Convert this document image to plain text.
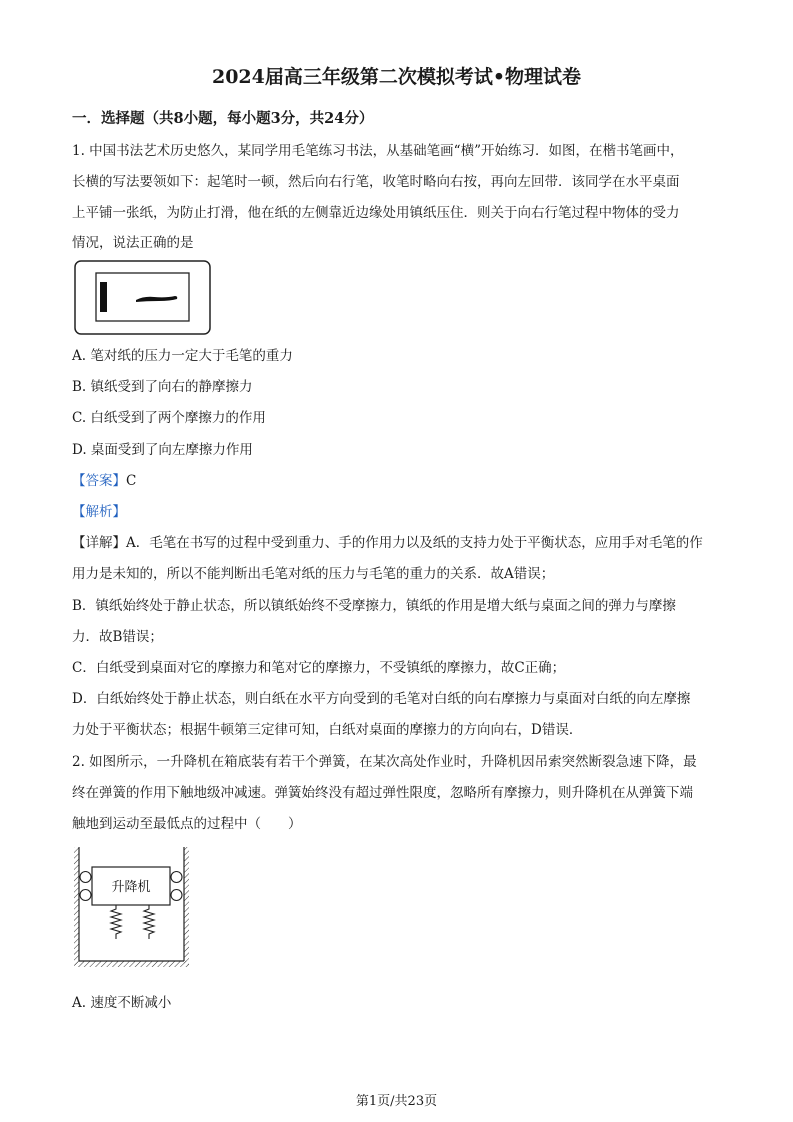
2024届高三年级第二次模拟考试•物理试卷
一．选择题（共8小题，每小题3分，共24分）
1. 中国书法艺术历史悠久，某同学用毛笔练习书法，从基础笔画“横”开始练习．如图，在楷书笔画中，
长横的写法要领如下：起笔时一顿，然后向右行笔，收笔时略向右按，再向左回带．该同学在水平桌面
上平铺一张纸，为防止打滑，他在纸的左侧靠近边缘处用镇纸压住．则关于向右行笔过程中物体的受力
情况，说法正确的是
A. 笔对纸的压力一定大于毛笔的重力
B. 镇纸受到了向右的静摩擦力
C. 白纸受到了两个摩擦力的作用
D. 桌面受到了向左摩擦力作用
【答案】C
【解析】
【详解】A．毛笔在书写的过程中受到重力、手的作用力以及纸的支持力处于平衡状态，应用手对毛笔的作
用力是未知的，所以不能判断出毛笔对纸的压力与毛笔的重力的关系．故A错误；
B．镇纸始终处于静止状态，所以镇纸始终不受摩擦力，镇纸的作用是增大纸与桌面之间的弹力与摩擦
力．故B错误；
C．白纸受到桌面对它的摩擦力和笔对它的摩擦力，不受镇纸的摩擦力，故C正确；
D．白纸始终处于静止状态，则白纸在水平方向受到的毛笔对白纸的向右摩擦力与桌面对白纸的向左摩擦
力处于平衡状态；根据牛顿第三定律可知，白纸对桌面的摩擦力的方向向右，D错误．
2. 如图所示，一升降机在箱底装有若干个弹簧，在某次高处作业时，升降机因吊索突然断裂急速下降，最
终在弹簧的作用下触地级冲减速。弹簧始终没有超过弹性限度，忽略所有摩擦力，则升降机在从弹簧下端
触地到运动至最低点的过程中（　　）
升降机
A. 速度不断减小
第1页/共23页
